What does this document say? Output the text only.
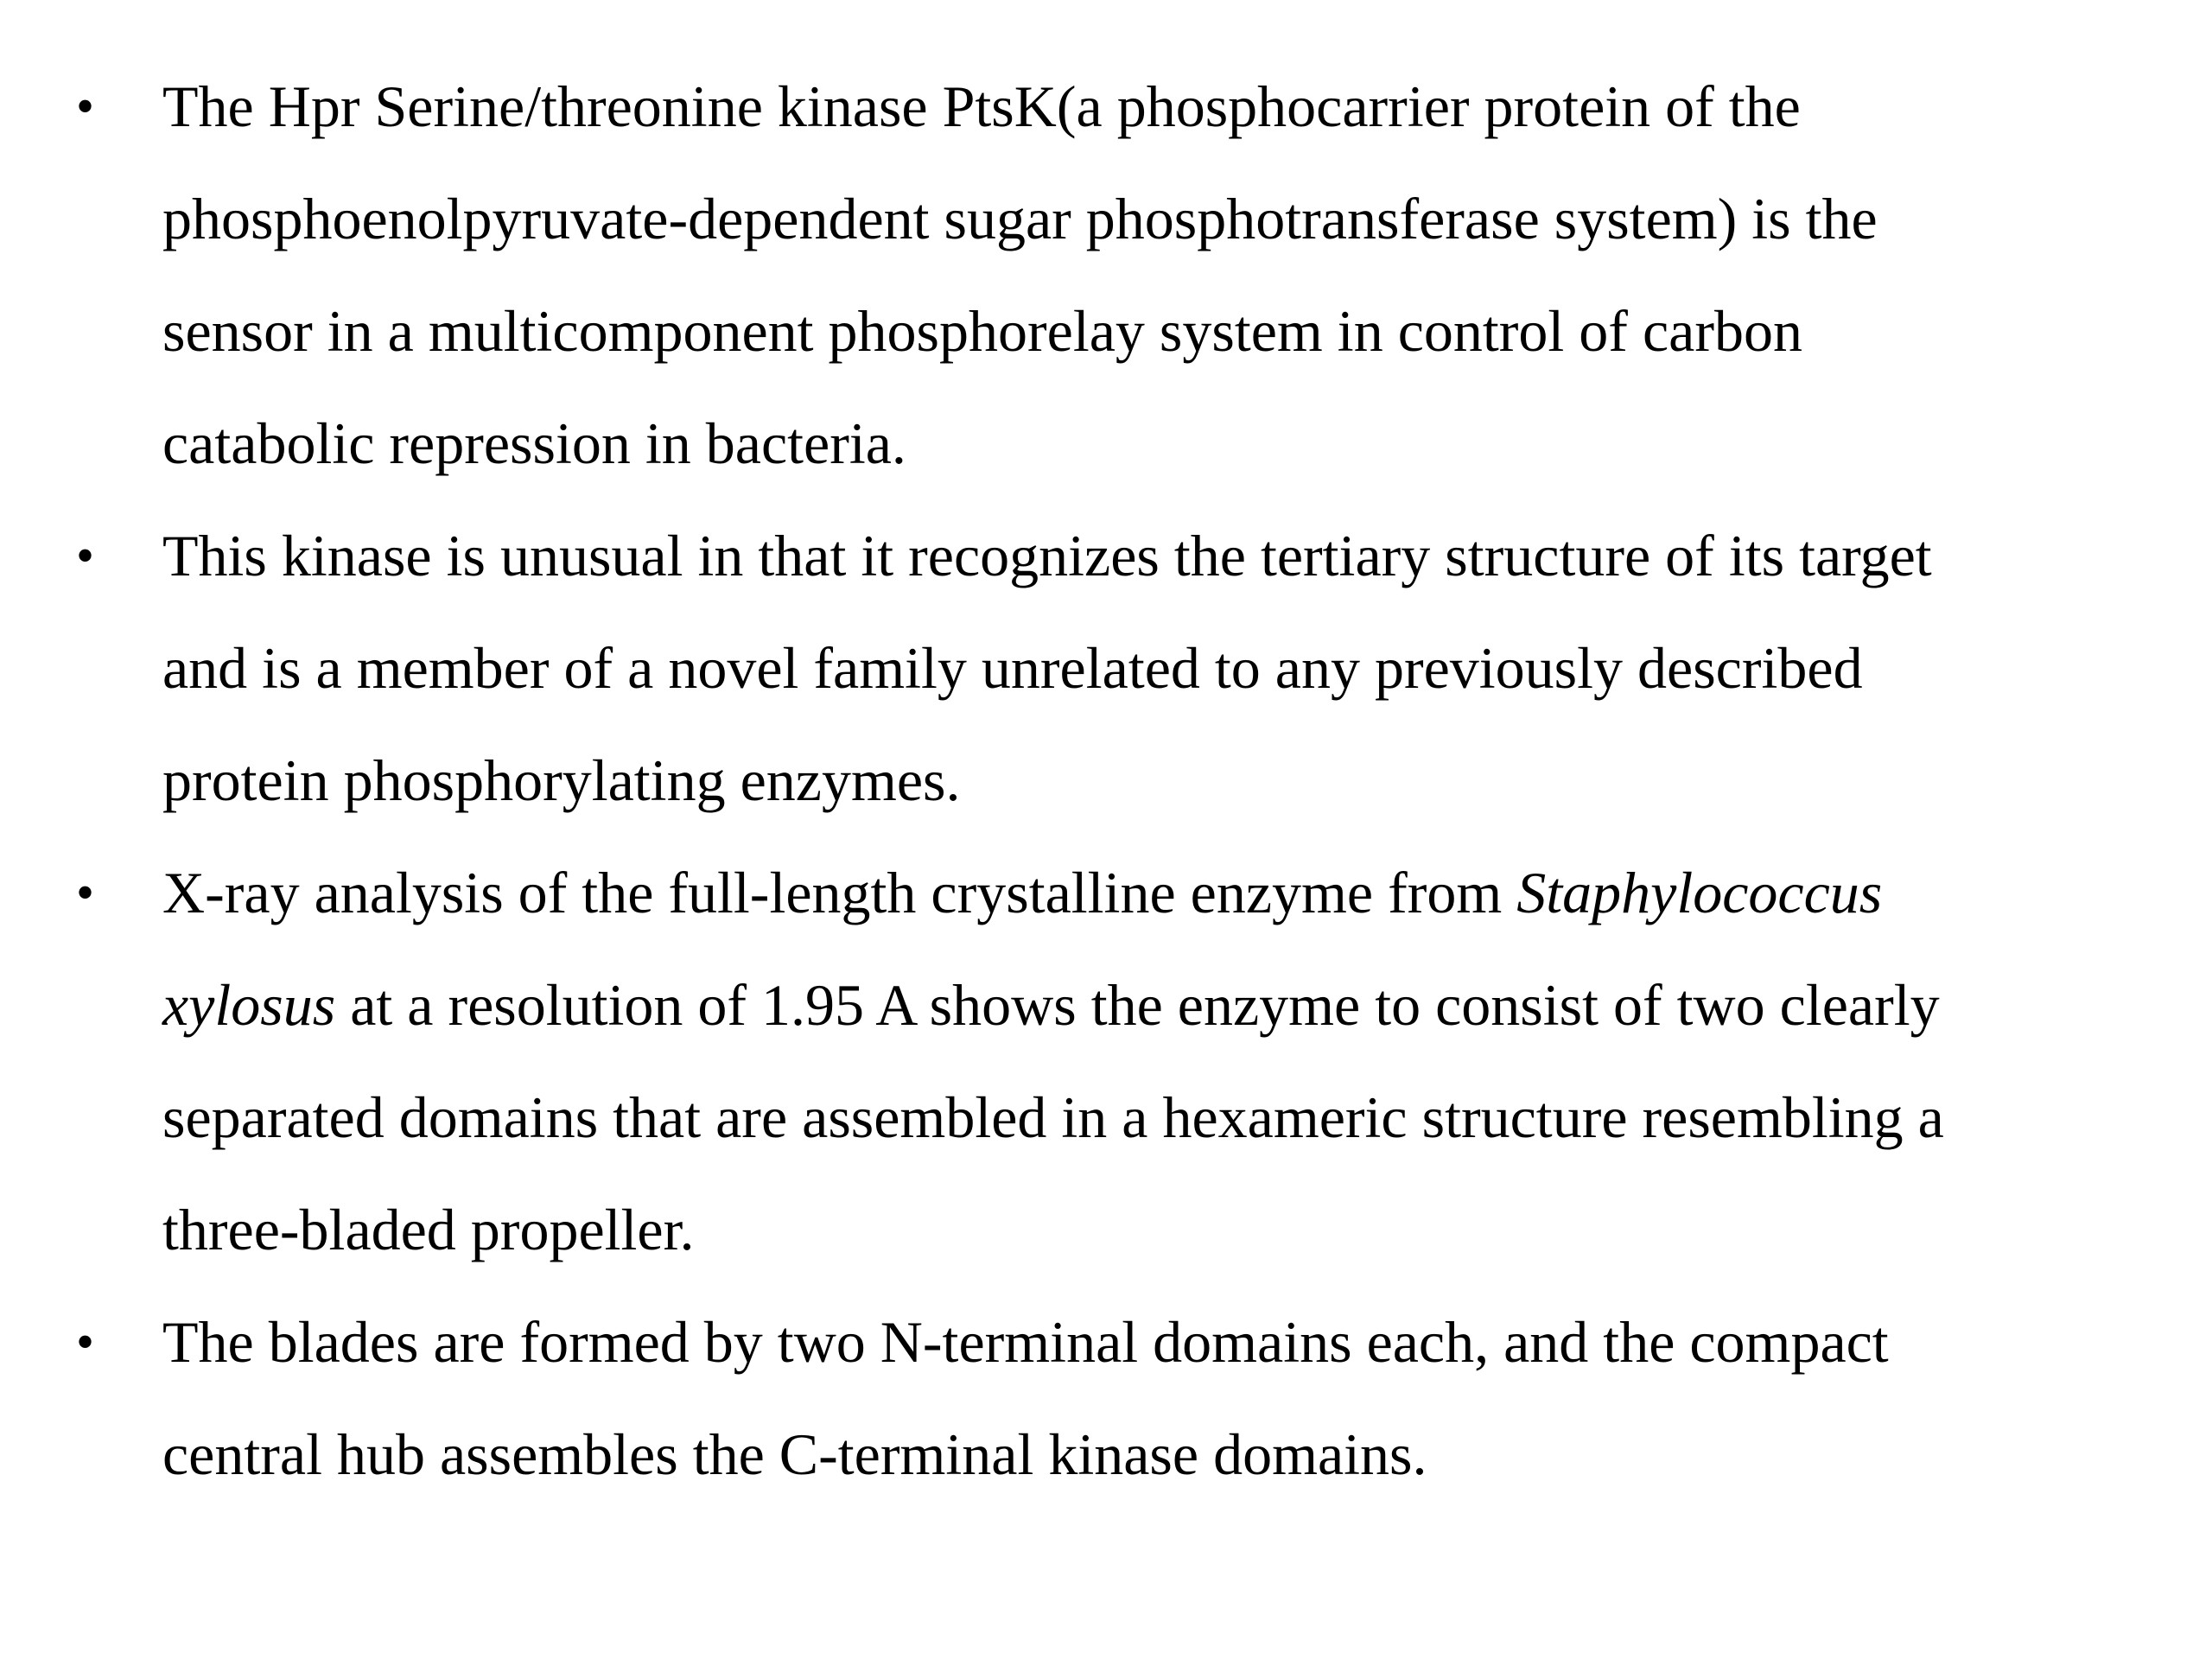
• The Hpr Serine/threonine kinase PtsK(a phosphocarrier protein of the
phosphoenolpyruvate-dependent sugar phosphotransferase system) is the
sensor in a multicomponent phosphorelay system in control of carbon
catabolic repression in bacteria.
• This kinase is unusual in that it recognizes the tertiary structure of its target
and is a member of a novel family unrelated to any previously described
protein phosphorylating enzymes.
• X-ray analysis of the full-length crystalline enzyme from Staphylococcus
xylosus at a resolution of 1.95 A shows the enzyme to consist of two clearly
separated domains that are assembled in a hexameric structure resembling a
three-bladed propeller.
• The blades are formed by two N-terminal domains each, and the compact
central hub assembles the C-terminal kinase domains.
